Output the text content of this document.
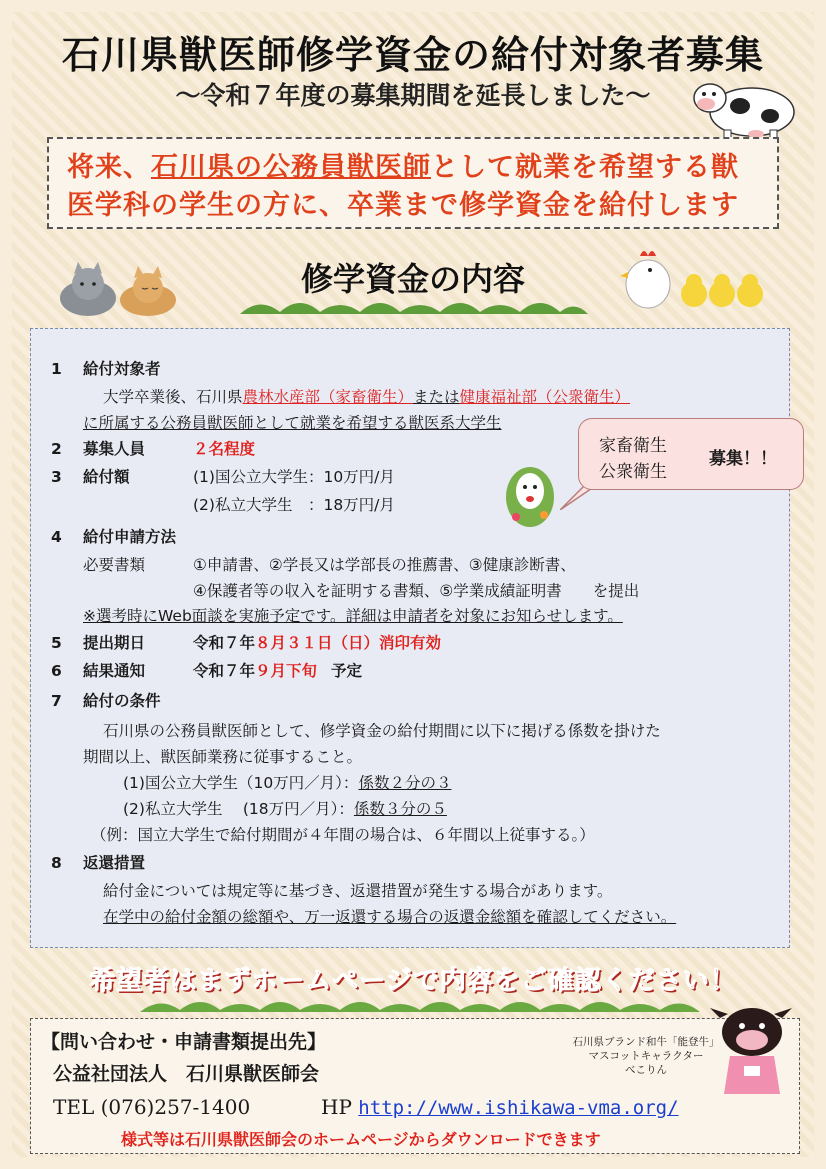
石川県獣医師修学資金の給付対象者募集
～令和７年度の募集期間を延長しました～
将来、石川県の公務員獣医師として就業を希望する獣
医学科の学生の方に、卒業まで修学資金を給付します
修学資金の内容
1 給付対象者
大学卒業後、石川県農林水産部（家畜衛生）または健康福祉部（公衆衛生）
に所属する公務員獣医師として就業を希望する獣医系大学生
2 募集人員	２名程度
3 給付額	(1)国公立大学生：10万円/月
(2)私立大学生　：18万円/月
4 給付申請方法
必要書類	①申請書、②学長又は学部長の推薦書、③健康診断書、
④保護者等の収入を証明する書類、⑤学業成績証明書　　を提出
※選考時にWeb面談を実施予定です。詳細は申請者を対象にお知らせします。
5 提出期日	令和７年８月３１日（日）消印有効
6 結果通知	令和７年９月下旬 予定
7 給付の条件
石川県の公務員獣医師として、修学資金の給付期間に以下に掲げる係数を掛けた
期間以上、獣医師業務に従事すること。
(1)国公立大学生（10万円／月）：係数２分の３
(2)私立大学生　 (18万円／月）：係数３分の５
（例：国立大学生で給付期間が４年間の場合は、６年間以上従事する。）
8 返還措置
給付金については規定等に基づき、返還措置が発生する場合があります。
在学中の給付金額の総額や、万一返還する場合の返還金総額を確認してください。
家畜衛生
公衆衛生
募集！！
希望者はまずホームページで内容をご確認ください！
【問い合わせ・申請書類提出先】
公益社団法人　石川県獣医師会
TEL (076)257-1400	HP http://www.ishikawa-vma.org/
様式等は石川県獣医師会のホームページからダウンロードできます
石川県ブランド和牛「能登牛」
マスコットキャラクター
べこりん
